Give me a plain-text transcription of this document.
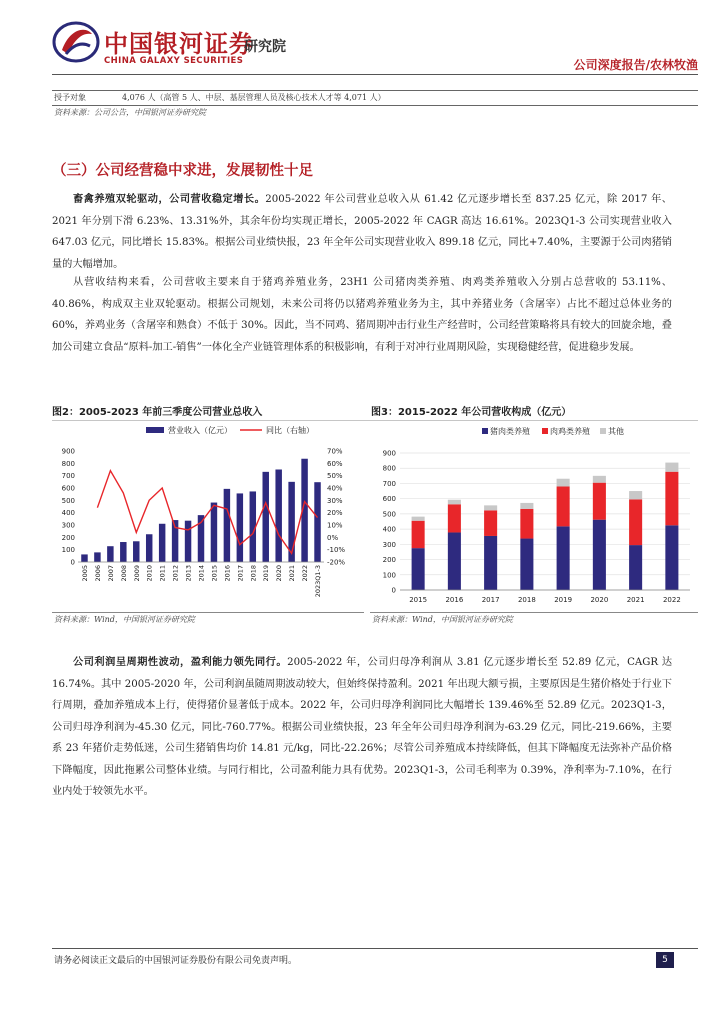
中国银河证券
CHINA GALAXY SECURITIES
研究院
公司深度报告/农林牧渔
授予对象	4,076 人（高管 5 人、中层、基层管理人员及核心技术人才等 4,071 人）
资料来源：公司公告，中国银河证券研究院
（三）公司经营稳中求进，发展韧性十足
畜禽养殖双轮驱动，公司营收稳定增长。2005-2022 年公司营业总收入从 61.42 亿元逐步增长至 837.25 亿元，除 2017 年、2021 年分别下滑 6.23%、13.31%外，其余年份均实现正增长，2005-2022 年 CAGR 高达 16.61%。2023Q1-3 公司实现营业收入 647.03 亿元，同比增长 15.83%。根据公司业绩快报，23 年全年公司实现营业收入 899.18 亿元，同比+7.40%，主要源于公司肉猪销量的大幅增加。
从营收结构来看，公司营收主要来自于猪鸡养殖业务，23H1 公司猪肉类养殖、肉鸡类养殖收入分别占总营收的 53.11%、40.86%，构成双主业双轮驱动。根据公司规划，未来公司将仍以猪鸡养殖业务为主，其中养猪业务（含屠宰）占比不超过总体业务的 60%，养鸡业务（含屠宰和熟食）不低于 30%。因此，当不同鸡、猪周期冲击行业生产经营时，公司经营策略将具有较大的回旋余地，叠加公司建立食品“原料-加工-销售”一体化全产业链管理体系的积极影响，有利于对冲行业周期风险，实现稳健经营，促进稳步发展。
图2：2005-2023 年前三季度公司营业总收入	图3：2015-2022 年公司营收构成（亿元）
营业收入（亿元）	同比（右轴）
0
100
200
300
400
500
600
700
800
900
-20%
-10%
0%
10%
20%
30%
40%
50%
60%
70%
2005 2006 2007 2008 2009 2010 2011 2012 2013 2014 2015 2016 2017 2018 2019 2020 2021 2022 2023Q1-3
资料来源：Wind，中国银河证券研究院
猪肉类养殖	肉鸡类养殖 其他
0
100
200
300
400
500
600
700
800
900
2015	2016	2017	2018	2019	2020	2021	2022
资料来源：Wind，中国银河证券研究院
公司利润呈周期性波动，盈利能力领先同行。2005-2022 年，公司归母净利润从 3.81 亿元逐步增长至 52.89 亿元，CAGR 达 16.74%。其中 2005-2020 年，公司利润虽随周期波动较大，但始终保持盈利。2021 年出现大额亏损，主要原因是生猪价格处于行业下行周期，叠加养殖成本上行，使得猪价显著低于成本。2022 年，公司归母净利润同比大幅增长 139.46%至 52.89 亿元。2023Q1-3，公司归母净利润为-45.30 亿元，同比-760.77%。根据公司业绩快报，23 年全年公司归母净利润为-63.29 亿元，同比-219.66%，主要系 23 年猪价走势低迷，公司生猪销售均价 14.81 元/kg，同比-22.26%；尽管公司养殖成本持续降低，但其下降幅度无法弥补产品价格下降幅度，因此拖累公司整体业绩。与同行相比，公司盈利能力具有优势。2023Q1-3，公司毛利率为 0.39%，净利率为-7.10%，在行业内处于较领先水平。
请务必阅读正文最后的中国银河证券股份有限公司免责声明。	5
